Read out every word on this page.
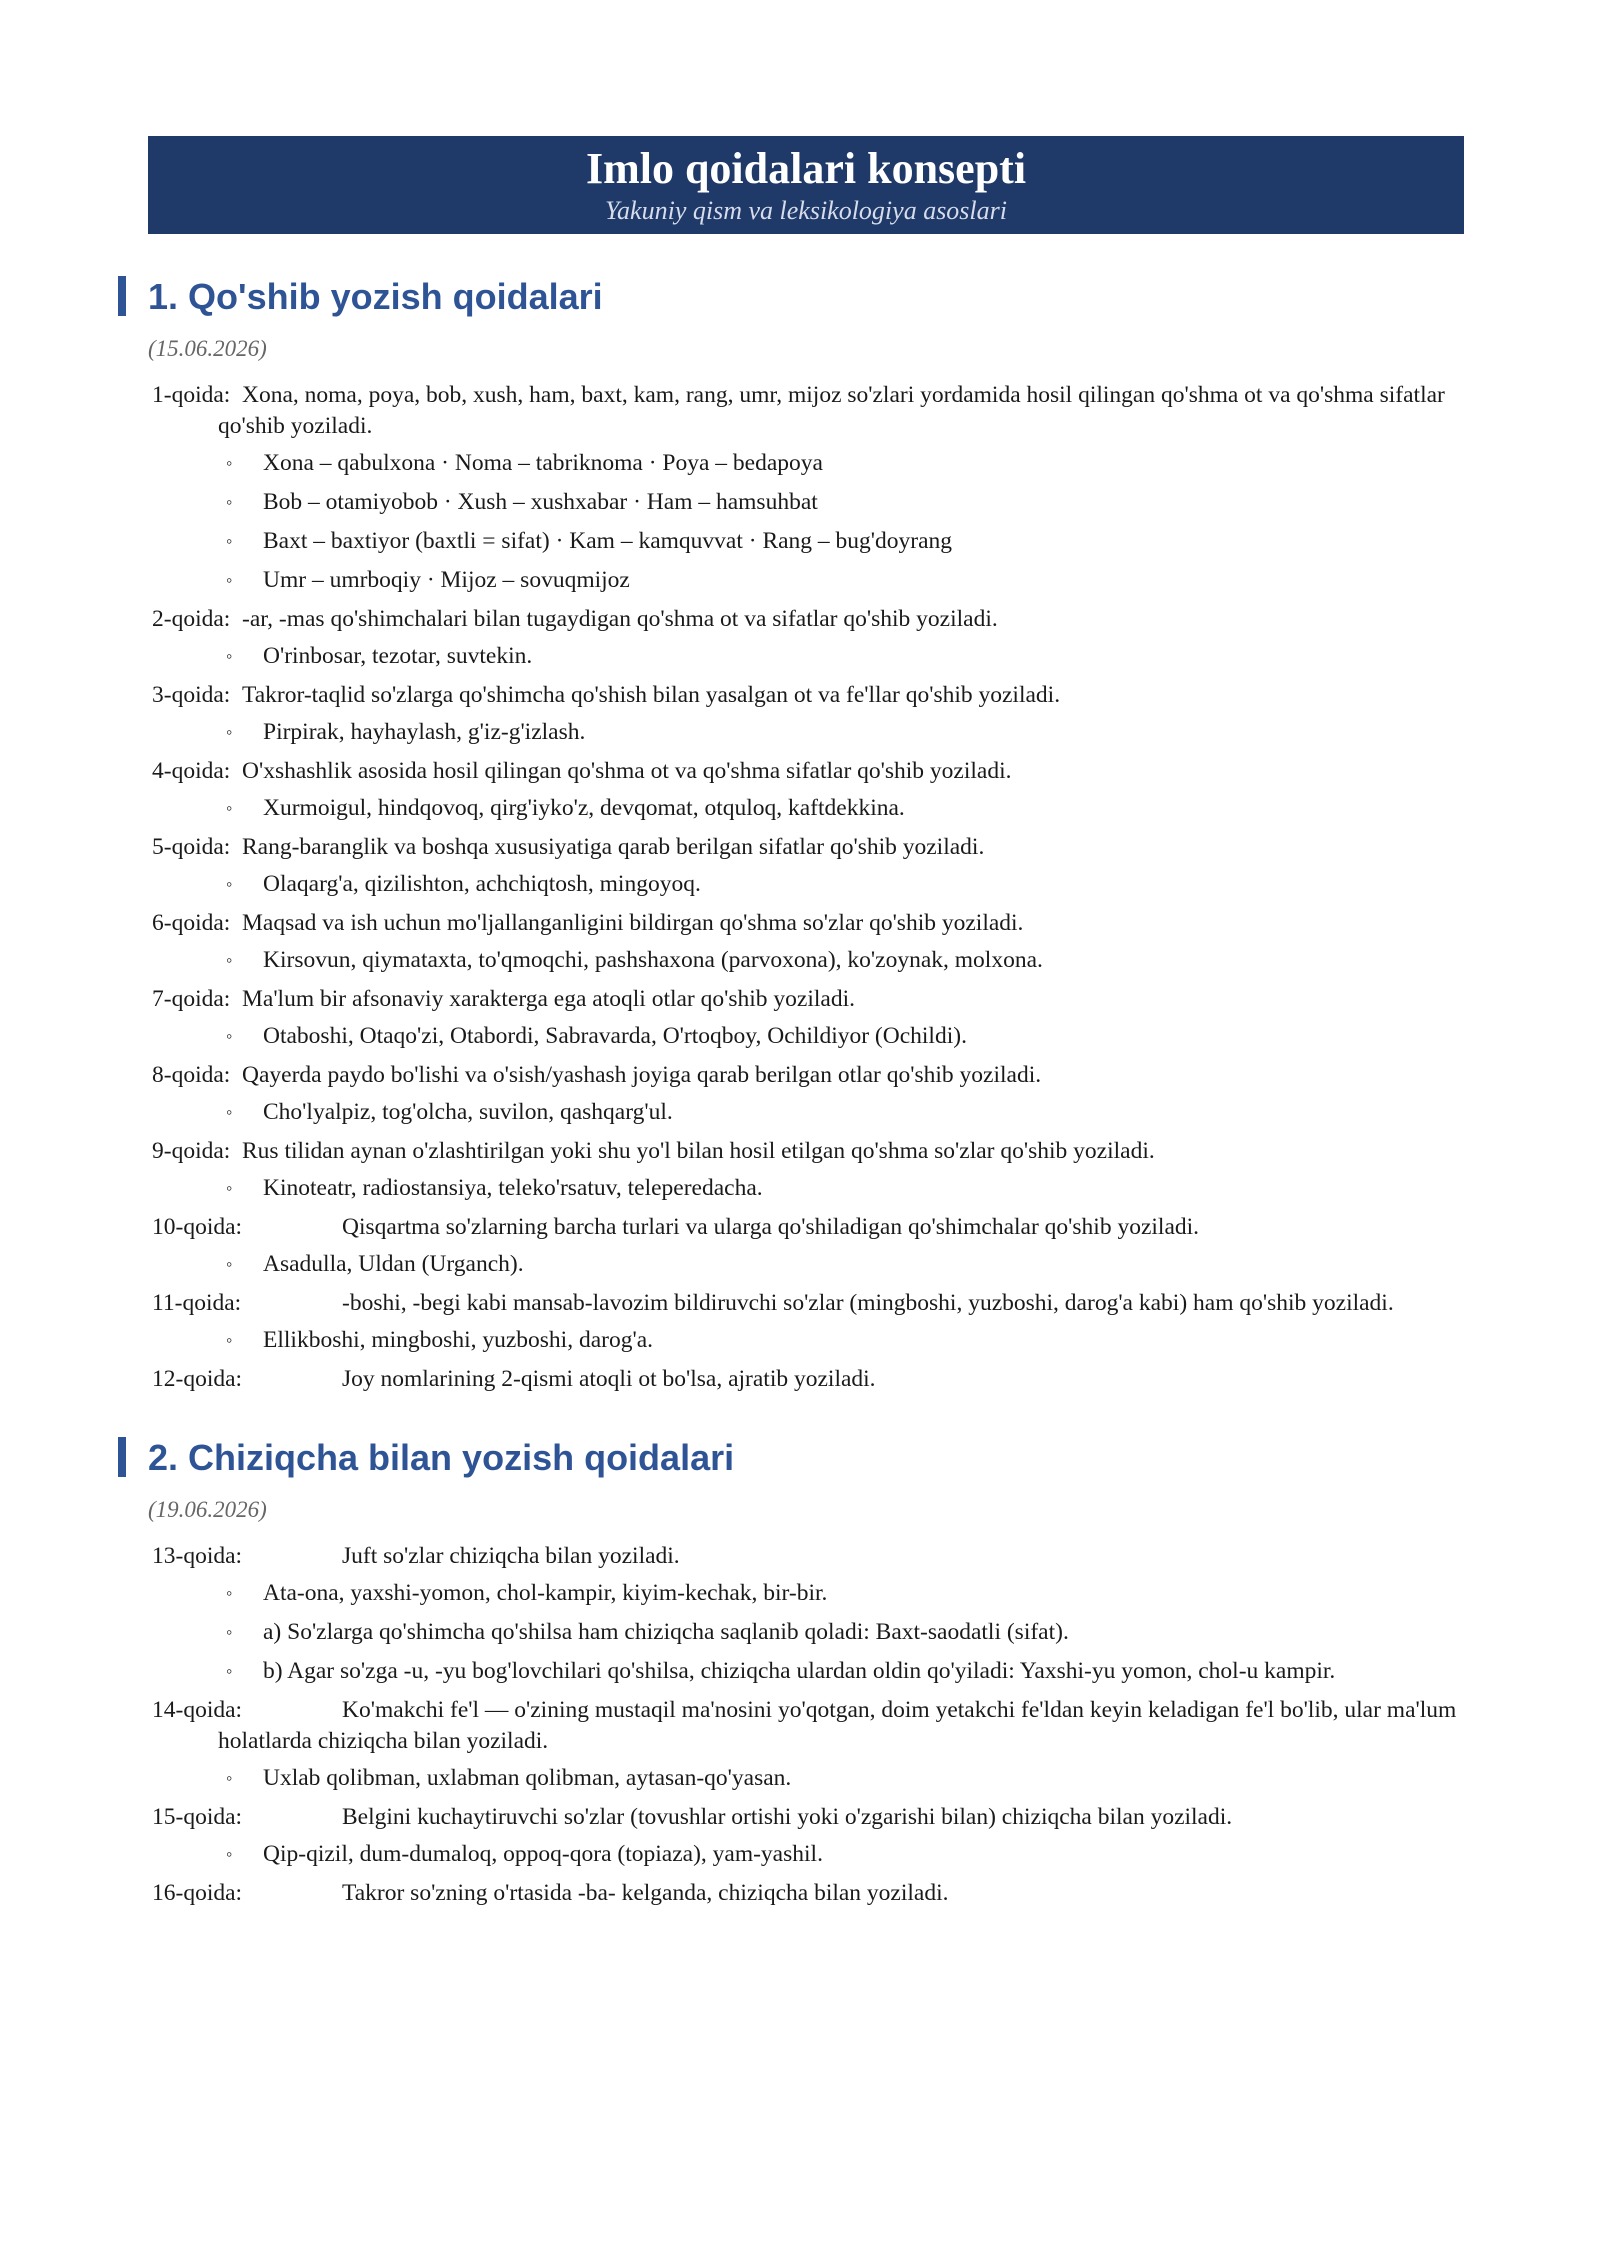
Imlo qoidalari konsepti
Yakuniy qism va leksikologiya asoslari
1. Qo'shib yozish qoidalari
(15.06.2026)
1-qoida: Xona, noma, poya, bob, xush, ham, baxt, kam, rang, umr, mijoz so'zlari yordamida hosil qilingan qo'shma ot va qo'shma sifatlar qo'shib yoziladi.
◦ Xona – qabulxona · Noma – tabriknoma · Poya – bedapoya
◦ Bob – otamiyobob · Xush – xushxabar · Ham – hamsuhbat
◦ Baxt – baxtiyor (baxtli = sifat) · Kam – kamquvvat · Rang – bug'doyrang
◦ Umr – umrboqiy · Mijoz – sovuqmijoz
2-qoida: -ar, -mas qo'shimchalari bilan tugaydigan qo'shma ot va sifatlar qo'shib yoziladi.
◦ O'rinbosar, tezotar, suvtekin.
3-qoida: Takror-taqlid so'zlarga qo'shimcha qo'shish bilan yasalgan ot va fe'llar qo'shib yoziladi.
◦ Pirpirak, hayhaylash, g'iz-g'izlash.
4-qoida: O'xshashlik asosida hosil qilingan qo'shma ot va qo'shma sifatlar qo'shib yoziladi.
◦ Xurmoigul, hindqovoq, qirg'iyko'z, devqomat, otquloq, kaftdekkina.
5-qoida: Rang-baranglik va boshqa xususiyatiga qarab berilgan sifatlar qo'shib yoziladi.
◦ Olaqarg'a, qizilishton, achchiqtosh, mingoyoq.
6-qoida: Maqsad va ish uchun mo'ljallanganligini bildirgan qo'shma so'zlar qo'shib yoziladi.
◦ Kirsovun, qiymataxta, to'qmoqchi, pashshaxona (parvoxona), ko'zoynak, molxona.
7-qoida: Ma'lum bir afsonaviy xarakterga ega atoqli otlar qo'shib yoziladi.
◦ Otaboshi, Otaqo'zi, Otabordi, Sabravarda, O'rtoqboy, Ochildiyor (Ochildi).
8-qoida: Qayerda paydo bo'lishi va o'sish/yashash joyiga qarab berilgan otlar qo'shib yoziladi.
◦ Cho'lyalpiz, tog'olcha, suvilon, qashqarg'ul.
9-qoida: Rus tilidan aynan o'zlashtirilgan yoki shu yo'l bilan hosil etilgan qo'shma so'zlar qo'shib yoziladi.
◦ Kinoteatr, radiostansiya, teleko'rsatuv, teleperedacha.
10-qoida:	Qisqartma so'zlarning barcha turlari va ularga qo'shiladigan qo'shimchalar qo'shib yoziladi.
◦ Asadulla, Uldan (Urganch).
11-qoida:	-boshi, -begi kabi mansab-lavozim bildiruvchi so'zlar (mingboshi, yuzboshi, darog'a kabi) ham qo'shib yoziladi.
◦ Ellikboshi, mingboshi, yuzboshi, darog'a.
12-qoida:	Joy nomlarining 2-qismi atoqli ot bo'lsa, ajratib yoziladi.
2. Chiziqcha bilan yozish qoidalari
(19.06.2026)
13-qoida:	Juft so'zlar chiziqcha bilan yoziladi.
◦ Ata-ona, yaxshi-yomon, chol-kampir, kiyim-kechak, bir-bir.
◦ a) So'zlarga qo'shimcha qo'shilsa ham chiziqcha saqlanib qoladi: Baxt-saodatli (sifat).
◦ b) Agar so'zga -u, -yu bog'lovchilari qo'shilsa, chiziqcha ulardan oldin qo'yiladi: Yaxshi-yu yomon, chol-u kampir.
14-qoida:	Ko'makchi fe'l — o'zining mustaqil ma'nosini yo'qotgan, doim yetakchi fe'ldan keyin keladigan fe'l bo'lib, ular ma'lum holatlarda chiziqcha bilan yoziladi.
◦ Uxlab qolibman, uxlabman qolibman, aytasan-qo'yasan.
15-qoida:	Belgini kuchaytiruvchi so'zlar (tovushlar ortishi yoki o'zgarishi bilan) chiziqcha bilan yoziladi.
◦ Qip-qizil, dum-dumaloq, oppoq-qora (topiaza), yam-yashil.
16-qoida:	Takror so'zning o'rtasida -ba- kelganda, chiziqcha bilan yoziladi.
